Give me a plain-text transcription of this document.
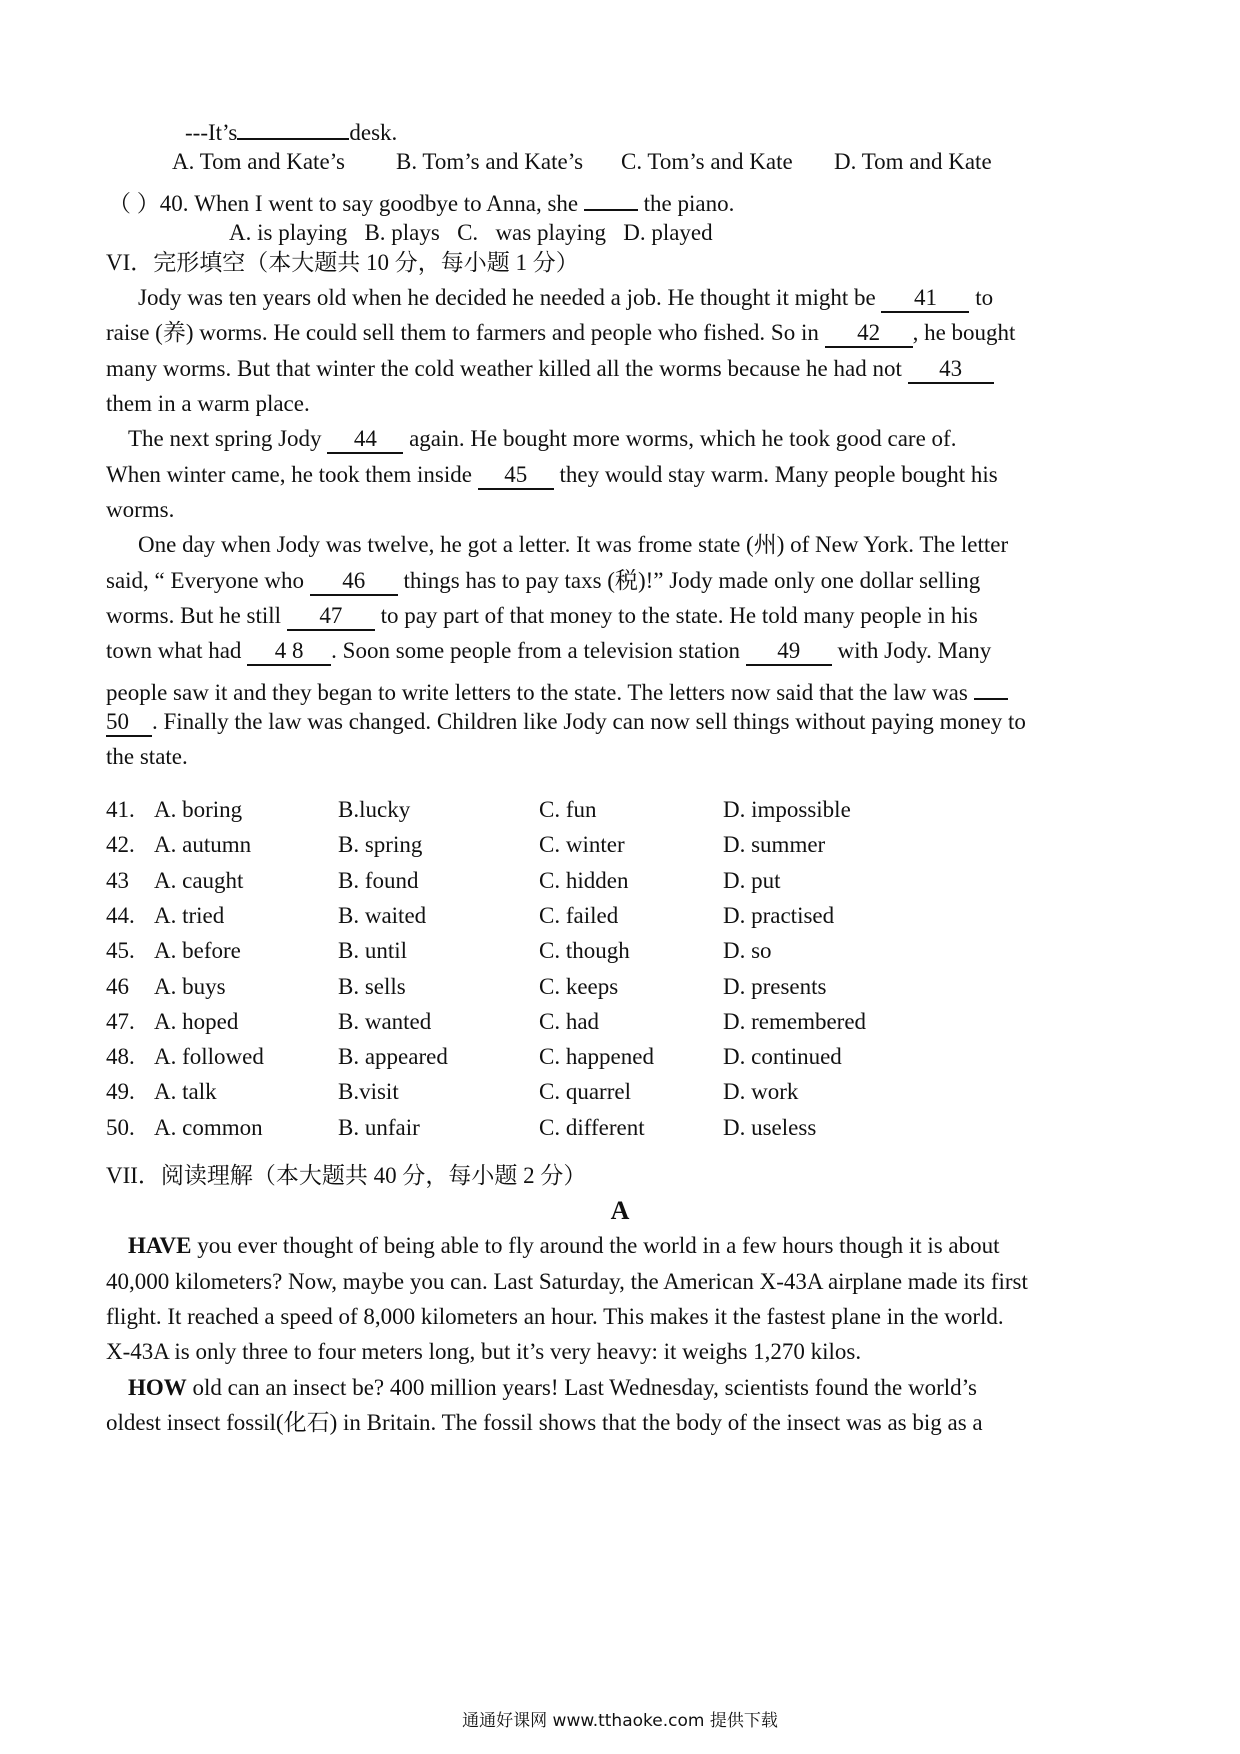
---It’s	desk.
A. Tom and Kate’s B. Tom’s and Kate’s C. Tom’s and Kate D. Tom and Kate
（ ）40. When I went to say goodbye to Anna, she	the piano.
A. is playing B. plays C. was playing D. played
VI．完形填空（本大题共 10 分，每小题 1 分）
Jody was ten years old when he decided he needed a job. He thought it might be 41 to
raise (养) worms. He could sell them to farmers and people who fished. So in 42 , he bought
many worms. But that winter the cold weather killed all the worms because he had not 43
them in a warm place.
The next spring Jody 44 again. He bought more worms, which he took good care of.
When winter came, he took them inside 45 they would stay warm. Many people bought his
worms.
One day when Jody was twelve, he got a letter. It was frome state (州) of New York. The letter
said, “ Everyone who 46 things has to pay taxs (税)!” Jody made only one dollar selling
worms. But he still 47 to pay part of that money to the state. He told many people in his
town what had 4 8 . Soon some people from a television station 49 with Jody. Many
people saw it and they began to write letters to the state. The letters now said that the law was
50 . Finally the law was changed. Children like Jody can now sell things without paying money to
the state.
41. A. boring	B.lucky	C. fun	D. impossible
42. A. autumn	B. spring	C. winter	D. summer
43 A. caught	B. found	C. hidden	D. put
44. A. tried	B. waited	C. failed	D. practised
45. A. before	B. until	C. though	D. so
46 A. buys	B. sells	C. keeps	D. presents
47. A. hoped	B. wanted	C. had	D. remembered
48. A. followed	B. appeared	C. happened	D. continued
49. A. talk	B.visit	C. quarrel	D. work
50. A. common	B. unfair	C. different	D. useless
VII．阅读理解（本大题共 40 分，每小题 2 分）
A
HAVE you ever thought of being able to fly around the world in a few hours though it is about
40,000 kilometers? Now, maybe you can. Last Saturday, the American X-43A airplane made its first
flight. It reached a speed of 8,000 kilometers an hour. This makes it the fastest plane in the world.
X-43A is only three to four meters long, but it’s very heavy: it weighs 1,270 kilos.
HOW old can an insect be? 400 million years! Last Wednesday, scientists found the world’s
oldest insect fossil(化石) in Britain. The fossil shows that the body of the insect was as big as a
通通好课网 www.tthaoke.com 提供下载
